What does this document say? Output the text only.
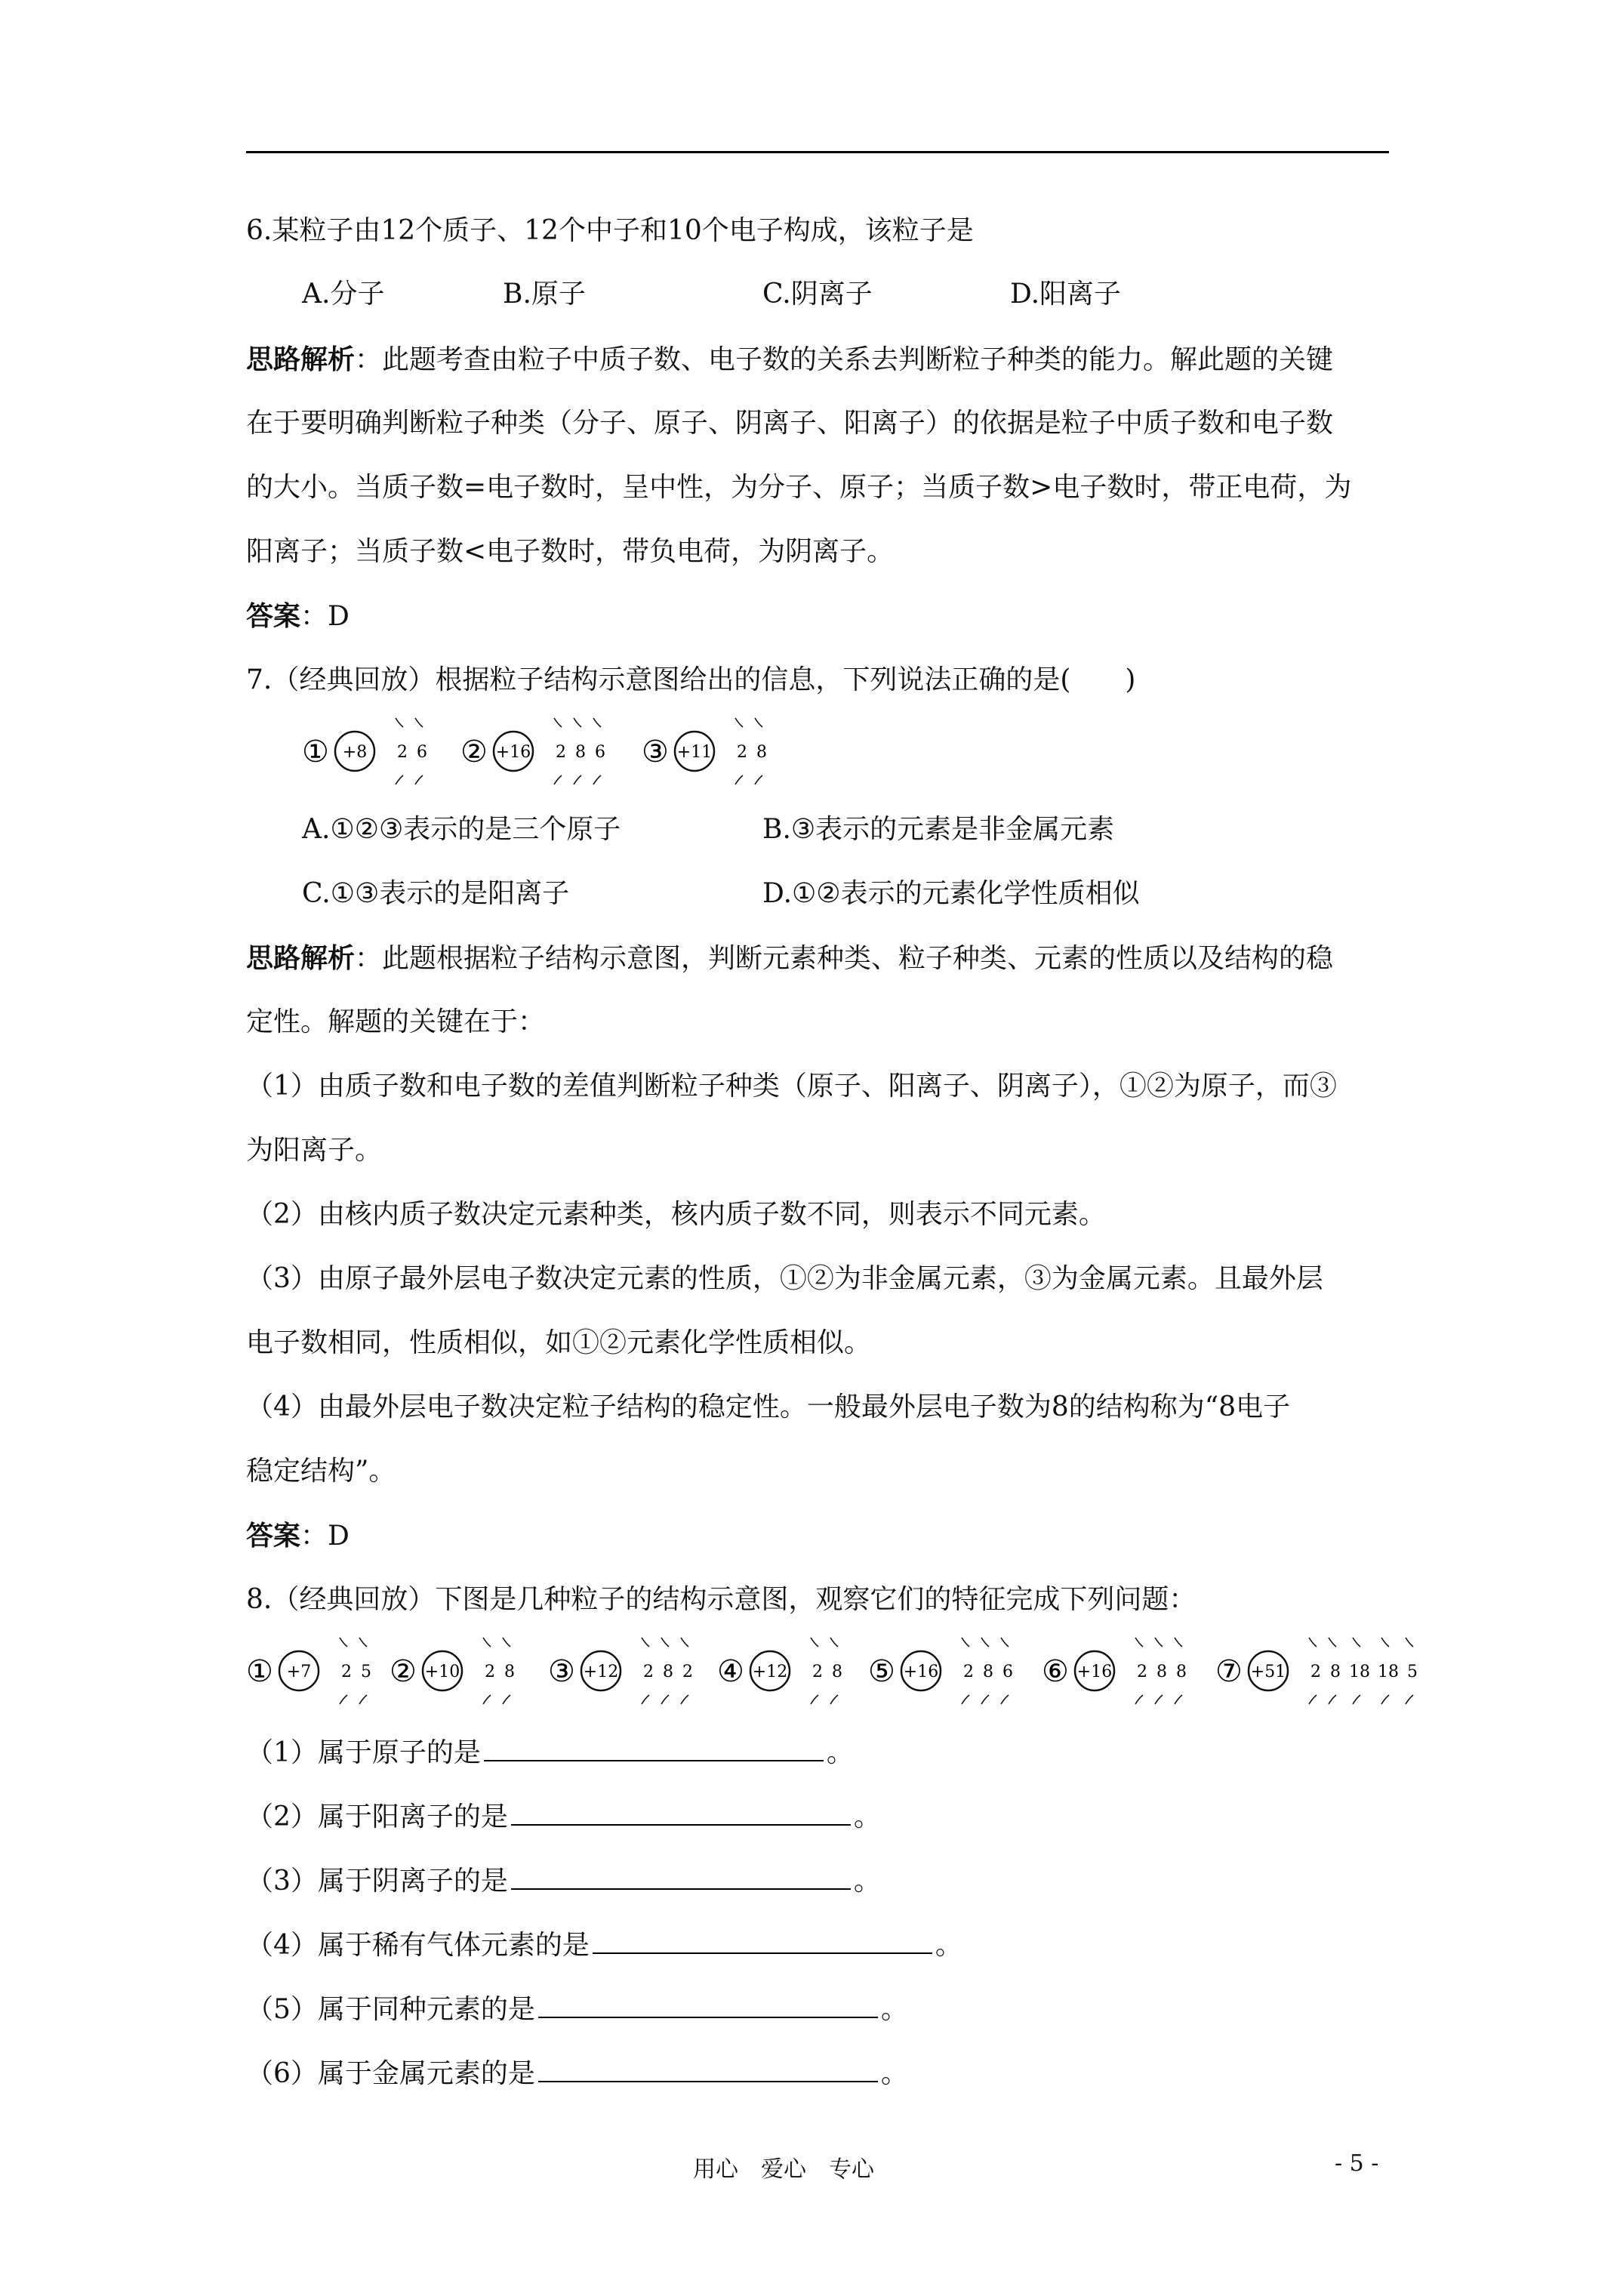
6.某粒子由12个质子、12个中子和10个电子构成，该粒子是
A.分子	B.原子	C.阴离子	D.阳离子
思路解析：此题考查由粒子中质子数、电子数的关系去判断粒子种类的能力。解此题的关键
在于要明确判断粒子种类（分子、原子、阴离子、阳离子）的依据是粒子中质子数和电子数
的大小。当质子数=电子数时，呈中性，为分子、原子；当质子数>电子数时，带正电荷，为
阳离子；当质子数<电子数时，带负电荷，为阴离子。
答案：D
7.（经典回放）根据粒子结构示意图给出的信息，下列说法正确的是(　　)
① +8 2 6 ② +16 2 8 6 ③ +11 2 8
A.①②③表示的是三个原子	B.③表示的元素是非金属元素
C.①③表示的是阳离子	D.①②表示的元素化学性质相似
思路解析：此题根据粒子结构示意图，判断元素种类、粒子种类、元素的性质以及结构的稳
定性。解题的关键在于：
（1）由质子数和电子数的差值判断粒子种类（原子、阳离子、阴离子），①②为原子，而③
为阳离子。
（2）由核内质子数决定元素种类，核内质子数不同，则表示不同元素。
（3）由原子最外层电子数决定元素的性质，①②为非金属元素，③为金属元素。且最外层
电子数相同，性质相似，如①②元素化学性质相似。
（4）由最外层电子数决定粒子结构的稳定性。一般最外层电子数为8的结构称为“8电子
稳定结构”。
答案：D
8.（经典回放）下图是几种粒子的结构示意图，观察它们的特征完成下列问题：
① +7 2 5 ② +10 2 8 ③ +12 2 8 2 ④ +12 2 8 ⑤ +16 2 8 6 ⑥ +16 2 8 8 ⑦ +51 2 8 18 18 5
（1）属于原子的是	。
（2）属于阳离子的是	。
（3）属于阴离子的是	。
（4）属于稀有气体元素的是	。
（5）属于同种元素的是	。
（6）属于金属元素的是	。
用心　爱心　专心	- 5 -
